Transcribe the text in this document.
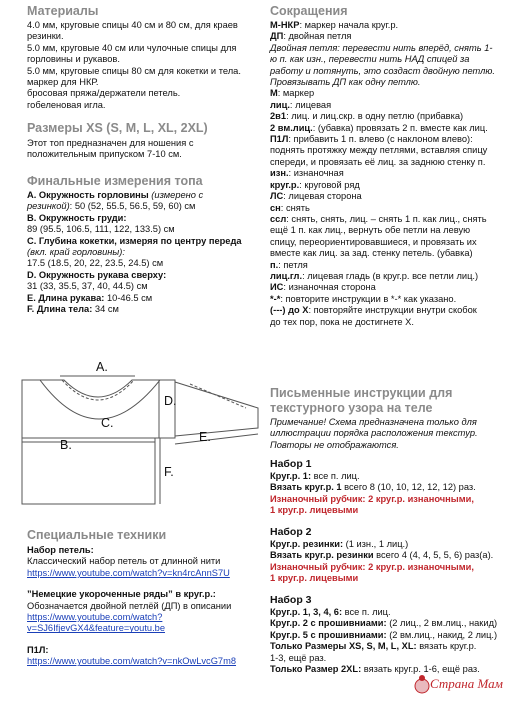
Материалы

4.0 мм, круговые спицы 40 см и 80 см, для краев

резинки.

5.0 мм, круговые 40 см или чулочные спицы для

горловины и рукавов.

5.0 мм, круговые спицы 80 см для кокетки и тела.

маркер для НКР.

бросовая пряжа/держатели петель.

гобеленовая игла.

Размеры XS (S, M, L, XL, 2XL)

Этот топ предназначен для ношения с

положительным припуском 7-10 см.

Финальные измерения топа

A. Окружность горловины (измерено с

резинкой): 50 (52, 55.5, 56.5, 59, 60) см

B. Окружность груди:

89 (95.5, 106.5, 111, 122, 133.5) см

C. Глубина кокетки, измеряя по центру переда

(вкл. край горловины):

17.5 (18.5, 20, 22, 23.5, 24.5) см

D. Окружность рукава сверху:

31 (33, 35.5, 37, 40, 44.5) см

E. Длина рукава: 10-46.5 см

F. Длина тела: 34 см

Специальные техники

Набор петель:

Классический набор петель от длинной нити

https://www.youtube.com/watch?v=kn4rcAnnS7U

”Немецкие укороченные ряды” в круг.р.:

Обозначается двойной петлёй (ДП) в описании

https://www.youtube.com/watch?

v=SJ6IfjevGX4&feature=youtu.be

П1Л:

https://www.youtube.com/watch?v=nkOwLvcG7m8

A.
B.
C.
D.
E.
F.

Сокращения

М-НКР: маркер начала круг.р.

ДП: двойная петля

Двойная петля: перевести нить вперёд, снять 1-

ю п. как изн., перевести нить НАД спицей за

работу и потянуть, это создаст двойную петлю.

Провязывать ДП как одну петлю.

М: маркер

лиц.: лицевая

2в1: лиц. и лиц.скр. в одну петлю (прибавка)

2 вм.лиц.: (убавка) провязать 2 п. вместе как лиц.

П1Л: прибавить 1 п. влево (с наклоном влево):

поднять протяжку между петлями, вставляя спицу

спереди, и провязать её лиц. за заднюю стенку п.

изн.: изнаночная

круг.р.: круговой ряд

ЛС: лицевая сторона

сн: снять

ссл: снять, снять, лиц. – снять 1 п. как лиц., снять

ещё 1 п. как лиц., вернуть обе петли на левую

спицу, переориентировавшиеся, и провязать их

вместе как лиц. за зад. стенку петель. (убавка)

п.: петля

лиц.гл.: лицевая гладь (в круг.р. все петли лиц.)

ИС: изнаночная сторона

*-*: повторите инструкции в *-* как указано.

(---) до Х: повторяйте инструкции внутри скобок

до тех пор, пока не достигнете Х.

Письменные инструкции для

текстурного узора на теле

Примечание! Схема предназначена только для

иллюстрации порядка расположения текстур.

Повторы не отображаются.

Набор 1

Круг.р. 1: все п. лиц.

Вязать круг.р. 1 всего 8 (10, 10, 12, 12, 12) раз.

Изнаночный рубчик: 2 круг.р. изнаночными,

1 круг.р. лицевыми

Набор 2

Круг.р. резинки: (1 изн., 1 лиц.)

Вязать круг.р. резинки всего 4 (4, 4, 5, 5, 6) раз(а).

Изнаночный рубчик: 2 круг.р. изнаночными,

1 круг.р. лицевыми

Набор 3

Круг.р. 1, 3, 4, 6: все п. лиц.

Круг.р. 2 с прошивниами: (2 лиц., 2 вм.лиц., накид)

Круг.р. 5 с прошивниами: (2 вм.лиц., накид, 2 лиц.)

Только Размеры XS, S, M, L, XL: вязать круг.р.

1-3, ещё раз.

Только Размер 2XL: вязать круг.р. 1-6, ещё раз.

Страна Мам
